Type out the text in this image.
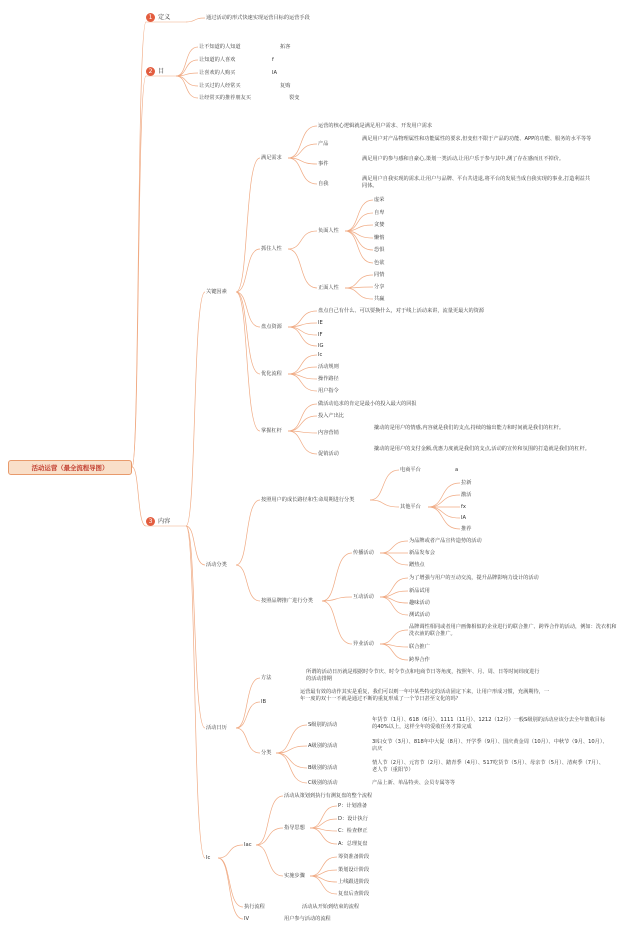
活动运营（最全流程导图）
1 定义	通过活动的形式快速实现运营目标的运营手段
2 目
让不知道的人知道	拓客
让知道的人喜欢	f
让喜欢的人购买	IA
让买过的人经常买	复购
让经常买的推荐朋友买	裂变
3 内容
关键因素
满足需求
运营的核心逻辑就是满足用户需求、开发用户需求
产品
满足用户对产品物理属性和功能属性的要求,但变但不限于产品的功能、APP的功能、服务的水平等等
事件
满足用户的参与感和自豪心,策划一类活动,让用户乐于参与其中,测了存在感而且不掉价。
自我
满足用户自我实现的需求,让用户与品牌、平台共进退,将平台的发展当成自我实现的事业,打造利益共同体。
抓住人性
负面人性
虚荣
自卑
贪婪
懒惰
恐惧
色欲
正面人性
同情
分享
共赢
盘点资源
盘点自己有什么、可以要换什么，对于线上活动来讲，流量更最大的资源
IE
IF
IG
优化流程
Ic
活动规则
操作路径
用户指令
掌握杠杆
做活动追求的肯定是最小的投入最大的回报
投入产出比
内容营销
撬动的是用户的情感,内容就是我们的支点,持续的输出能力和时间就是我们的杠杆。
促销活动
撬动的是用户的支付金额,优惠力度就是我们的支点,活动的宣传和氛围的打造就是我们的杠杆。
活动分类
按照用户的成长路径和生命周期进行分类
电商平台	a
其他平台
拉新
激活
fx
IA
推荐
按照品牌推广进行分类
传播活动
为品牌或者产品宣传造势的活动
新品发布会
蹭热点
互动活动
为了增强与用户的互动交流，提升品牌影响力设计的活动
新品试用
趣味活动
测试活动
异业活动
品牌调性相同或者用户画像相似的企业进行的联合推广、跨界合作的活动，例如：洗衣机和洗衣液的联合推广。
联合推广
跨界合作
活动日历
方法
所谓的活动日历就是根据时令节庆、时令节点和电商节日等角度，按照年、月、周、日等时间纬度进行的活动排期
IB
运营最有效的动作其实是重复，我们可以则一年中某些特定的活动固定下来，让用户形成习惯，充满期待，一年一度的双十一不就是通过不断的重复形成了一个节日甚至文化的吗？
分类
S级别的活动
年货节（1月）、618（6月）、1111（11月）、1212（12月）一般S级别的活动应该分去全年策收目标的40%以上，这样全年的爱收任务才算完成
A级别的活动
3I妇女节（3月）、818年中大促（8月）、开学季（9月）、国庆黄金周（10月）、中秋节（9月、10月）、店庆
B级别的活动
情人节（2月）、元宵节（2月）、踏青季（4月）、517吃货节（5月）、母亲节（5月）、清爽季（7月）、老人节（重阳节）
C级别的活动	产品上新、单品特卖、会员专属等等
Ic
Iac
活动从策划到执行有测复盘的整个流程
指导思想
P：计划准备
D：设计执行
C：检查修正
A：总理复盘
实施步骤
筹资准备阶段
策划设计阶段
上线跟进阶段
复盘后查阶段
执行流程	活动从开始到结束的流程
IV	用户参与活动的流程
